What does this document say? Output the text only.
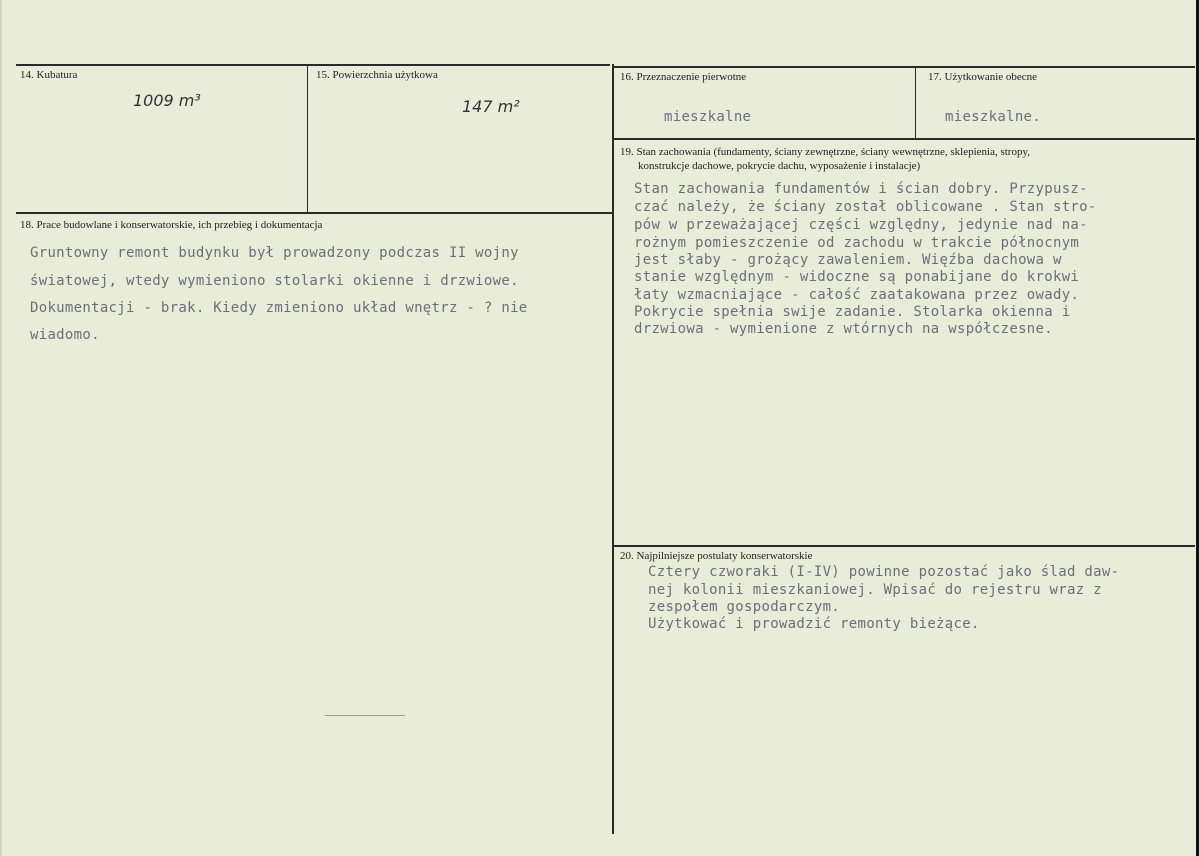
14. Kubatura
1009 m³
15. Powierzchnia użytkowa
147 m²
16. Przeznaczenie pierwotne
mieszkalne
17. Użytkowanie obecne
mieszkalne.
18. Prace budowlane i konserwatorskie, ich przebieg i dokumentacja
Gruntowny remont budynku był prowadzony podczas II wojny
światowej, wtedy wymieniono stolarki okienne i drzwiowe.
Dokumentacji - brak. Kiedy zmieniono układ wnętrz - ? nie
wiadomo.
19. Stan zachowania (fundamenty, ściany zewnętrzne, ściany wewnętrzne, sklepienia, stropy,
konstrukcje dachowe, pokrycie dachu, wyposażenie i instalacje)
Stan zachowania fundamentów i ścian dobry. Przypusz-
czać należy, że ściany został oblicowane . Stan stro-
pów w przeważającej części względny, jedynie nad na-
rożnym pomieszczenie od zachodu w trakcie północnym
jest słaby - grożący zawaleniem. Więźba dachowa w
stanie względnym - widoczne są ponabijane do krokwi
łaty wzmacniające - całość zaatakowana przez owady.
Pokrycie spełnia swije zadanie. Stolarka okienna i
drzwiowa - wymienione z wtórnych na współczesne.
20. Najpilniejsze postulaty konserwatorskie
Cztery czworaki (I-IV) powinne pozostać jako ślad daw-
nej kolonii mieszkaniowej. Wpisać do rejestru wraz z
zespołem gospodarczym.
Użytkować i prowadzić remonty bieżące.
